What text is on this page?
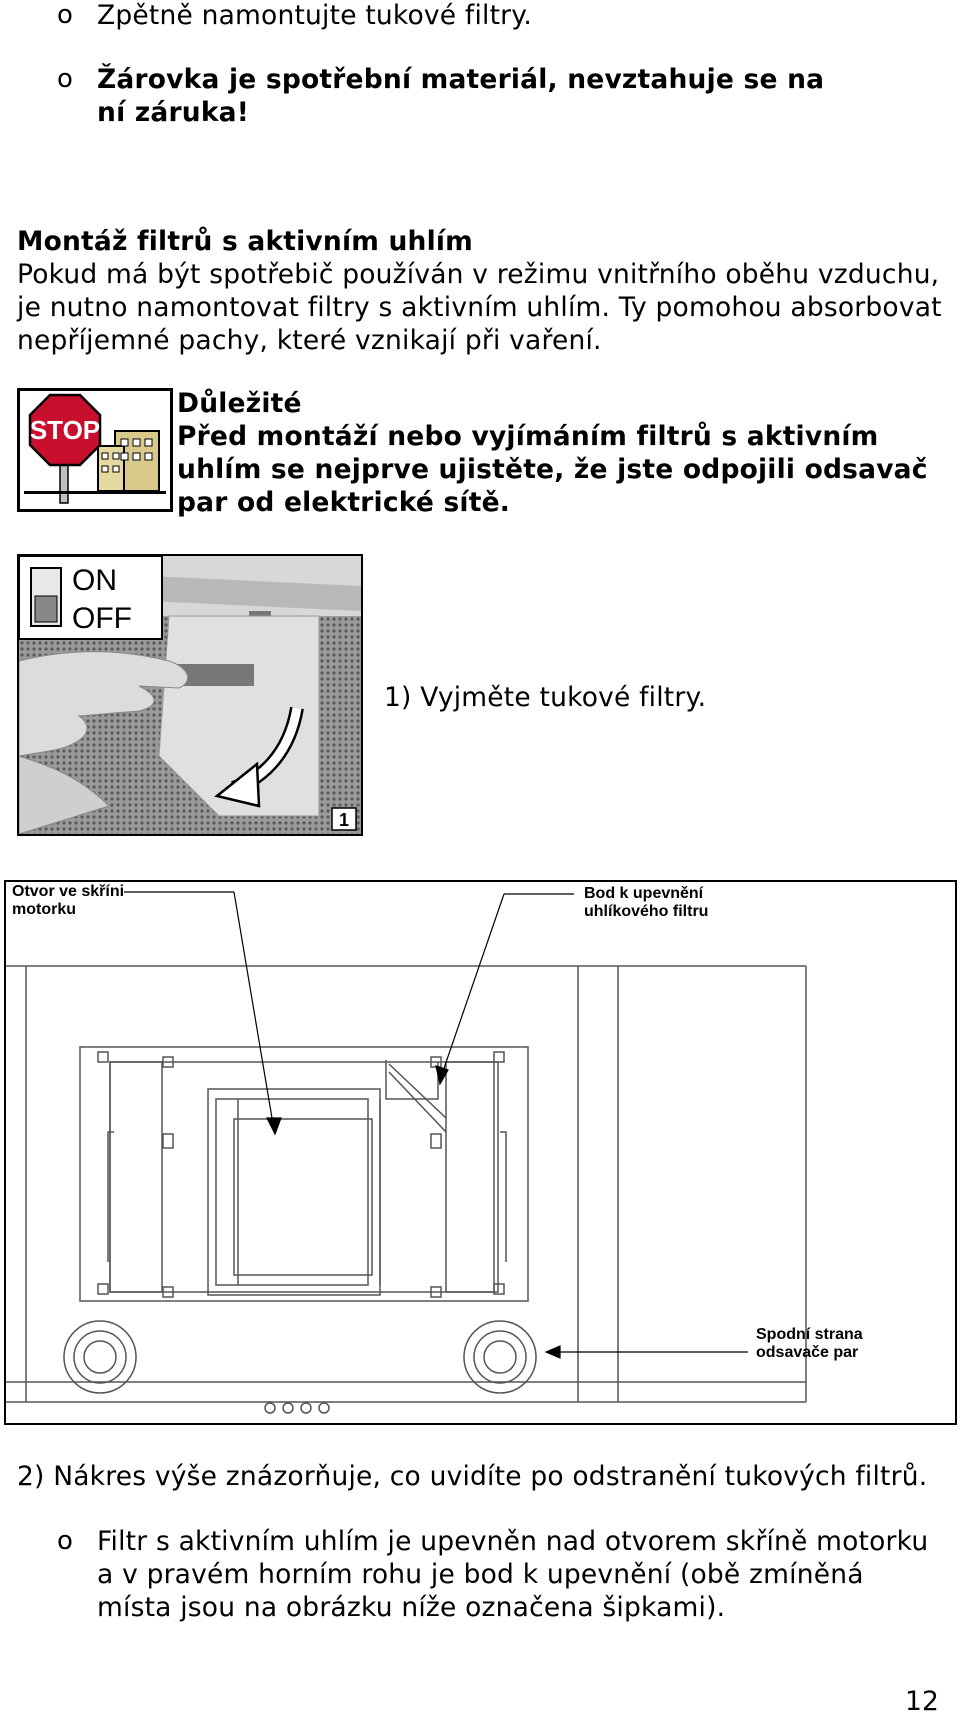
o Zpětně namontujte tukové filtry.
o Žárovka je spotřební materiál, nevztahuje se na ní záruka!
Montáž filtrů s aktivním uhlím
Pokud má být spotřebič používán v režimu vnitřního oběhu vzduchu, je nutno namontovat filtry s aktivním uhlím. Ty pomohou absorbovat nepříjemné pachy, které vznikají při vaření.
STOP
Důležité
Před montáží nebo vyjímáním filtrů s aktivním uhlím se nejprve ujistěte, že jste odpojili odsavač par od elektrické sítě.
ON
OFF
1
1) Vyjměte tukové filtry.
Otvor ve skříni motorku
Bod k upevnění uhlíkového filtru
Spodní strana odsavače par
2) Nákres výše znázorňuje, co uvidíte po odstranění tukových filtrů.
o Filtr s aktivním uhlím je upevněn nad otvorem skříně motorku a v pravém horním rohu je bod k upevnění (obě zmíněná místa jsou na obrázku níže označena šipkami).
12
